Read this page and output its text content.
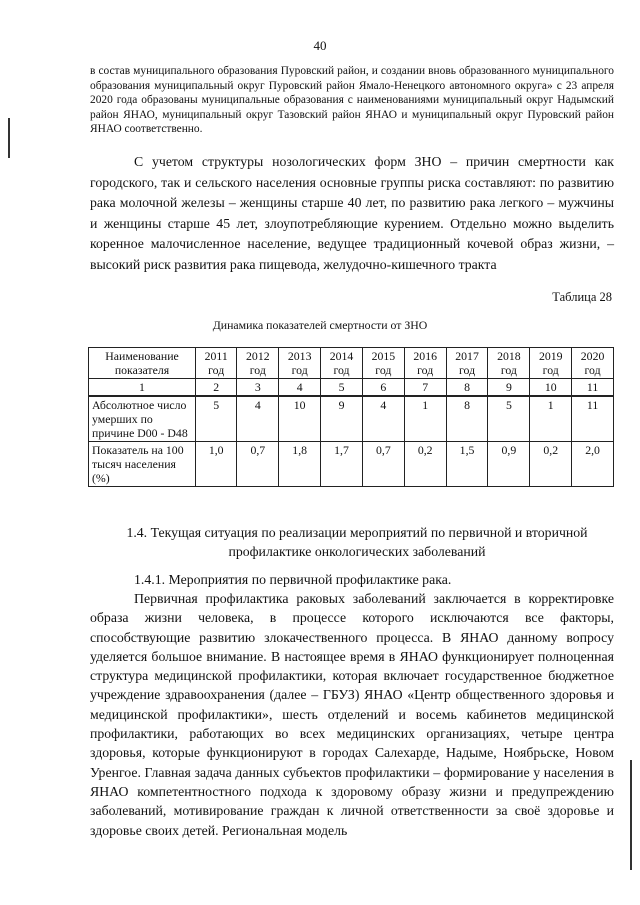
40
в состав муниципального образования Пуровский район, и создании вновь образованного муниципального образования муниципальный округ Пуровский район Ямало-Ненецкого автономного округа» с 23 апреля 2020 года образованы муниципальные образования с наименованиями муниципальный округ Надымский район ЯНАО, муниципальный округ Тазовский район ЯНАО и муниципальный округ Пуровский район ЯНАО соответственно.
С учетом структуры нозологических форм ЗНО – причин смертности как городского, так и сельского населения основные группы риска составляют: по развитию рака молочной железы – женщины старше 40 лет, по развитию рака легкого – мужчины и женщины старше 45 лет, злоупотребляющие курением. Отдельно можно выделить коренное малочисленное население, ведущее традиционный кочевой образ жизни, – высокий риск развития рака пищевода, желудочно-кишечного тракта
Таблица 28
Динамика показателей смертности от ЗНО
Наименование показателя	2011 год	2012 год	2013 год	2014 год	2015 год	2016 год	2017 год	2018 год	2019 год	2020 год
1	2	3	4	5	6	7	8	9	10	11
Абсолютное число умерших по причине D00 - D48	5	4	10	9	4	1	8	5	1	11
Показатель на 100 тысяч населения (%)	1,0	0,7	1,8	1,7	0,7	0,2	1,5	0,9	0,2	2,0
1.4. Текущая ситуация по реализации мероприятий по первичной и вторичной профилактике онкологических заболеваний
1.4.1. Мероприятия по первичной профилактике рака.
Первичная профилактика раковых заболеваний заключается в корректировке образа жизни человека, в процессе которого исключаются все факторы, способствующие развитию злокачественного процесса. В ЯНАО данному вопросу уделяется большое внимание. В настоящее время в ЯНАО функционирует полноценная структура медицинской профилактики, которая включает государственное бюджетное учреждение здравоохранения (далее – ГБУЗ) ЯНАО «Центр общественного здоровья и медицинской профилактики», шесть отделений и восемь кабинетов медицинской профилактики, работающих во всех медицинских организациях, четыре центра здоровья, которые функционируют в городах Салехарде, Надыме, Ноябрьске, Новом Уренгое. Главная задача данных субъектов профилактики – формирование у населения в ЯНАО компетентностного подхода к здоровому образу жизни и предупреждению заболеваний, мотивирование граждан к личной ответственности за своё здоровье и здоровье своих детей. Региональная модель
